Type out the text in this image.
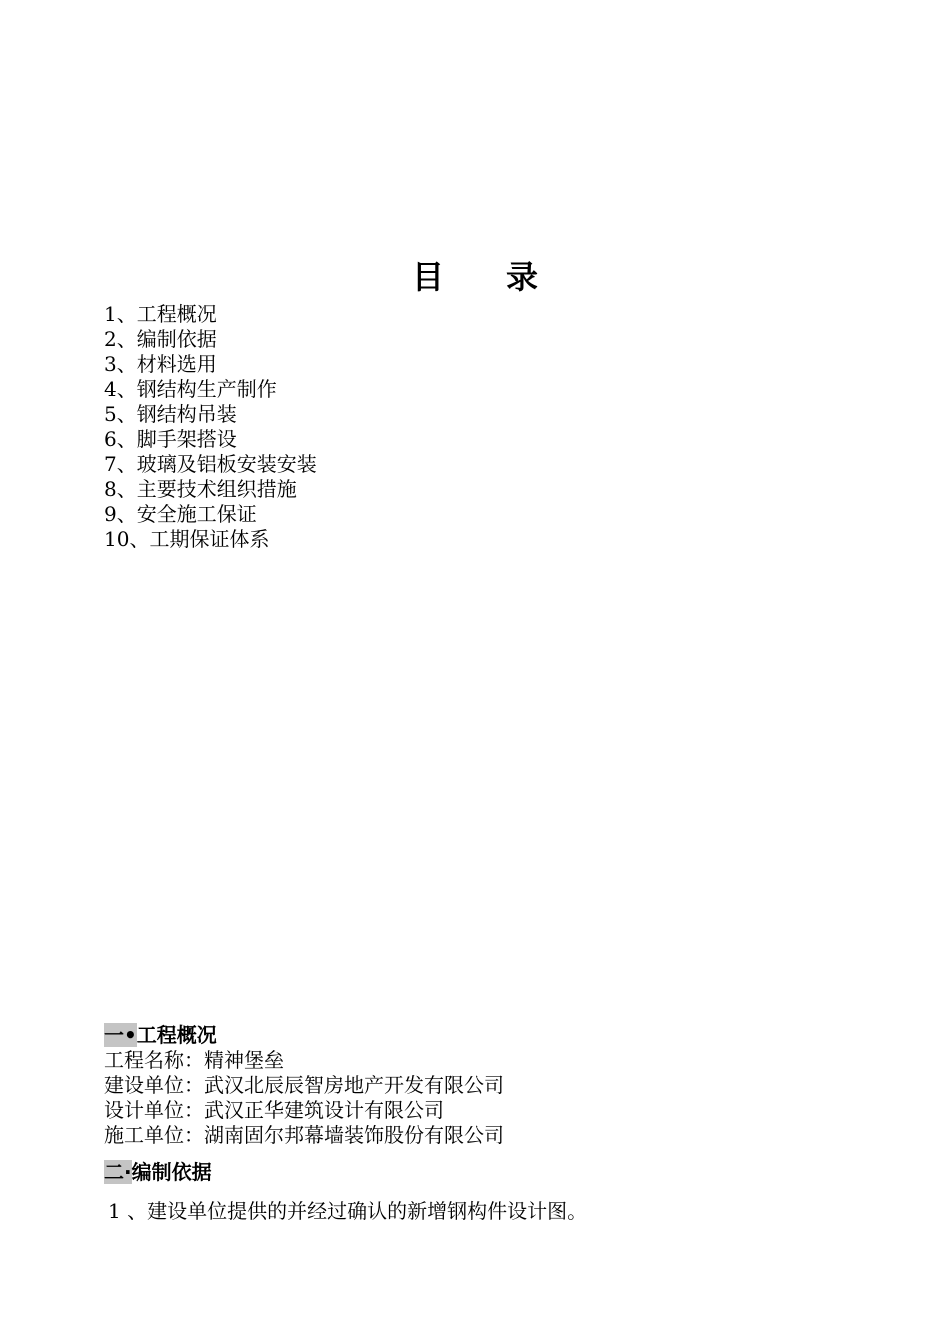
目 录
1、工程概况
2、编制依据
3、材料选用
4、钢结构生产制作
5、钢结构吊装
6、脚手架搭设
7、玻璃及铝板安装安装
8、主要技术组织措施
9、安全施工保证
10、工期保证体系
一•工程概况
工程名称：精神堡垒
建设单位：武汉北辰辰智房地产开发有限公司
设计单位：武汉正华建筑设计有限公司
施工单位：湖南固尔邦幕墙装饰股份有限公司
二·编制依据
1 、建设单位提供的并经过确认的新增钢构件设计图。
